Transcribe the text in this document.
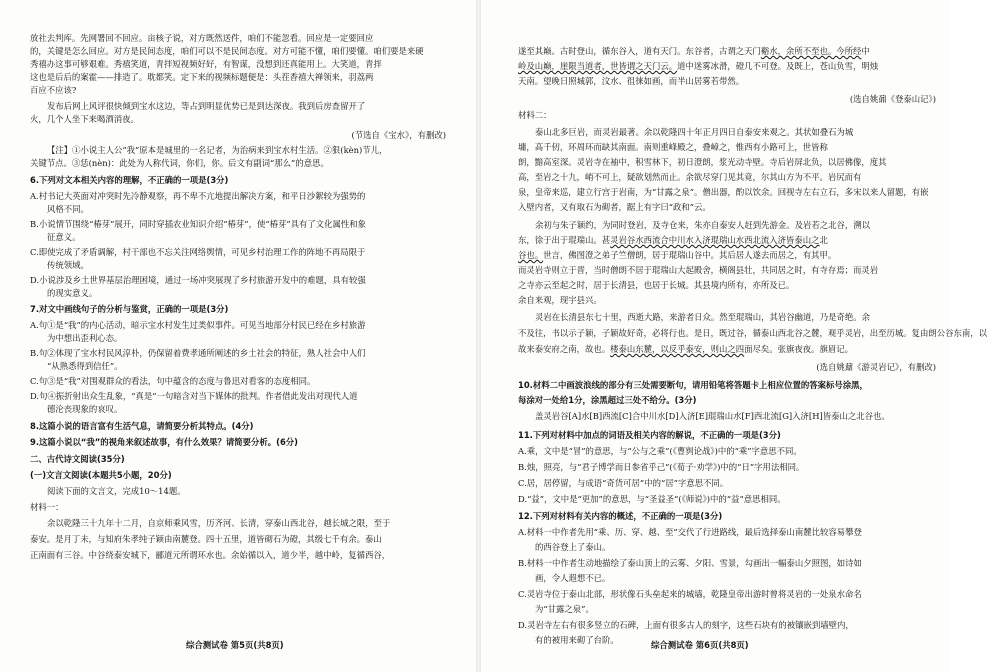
放社去判库。先网署回不回应。亩核子说，对方既然送件，咱们不能忽看。回应是一定要回应
的，关键是怎么回应。对方是民间态度，咱们可以不是民间态度。对方可能不懂，咱们要懂。咱们要是来硬
秀禧办这事可够艰难。秀禧笑道，青拌短视频好好，有智谋，没想到还真能用上。大笑道，青拌
这也是后后的案霍——排造了。耽都笑。定下来的视频标题便是：头茬香禧大禅领来，羽荔两
百应不应该?
发布后网上风评很快倾到宝水这边，等占到明显优势已是到达深夜。我到后房查留开了
火，几个人坐下来喝酒消夜。
(节选自《宝水》，有删改)
【注】①小说主人公“我”原本是城里的一名记者，为治病来到宝水村生活。②狠(kèn)节儿，
关键节点。③恁(nèn)：此处为人称代词，你们，你。后文有副词“那么”的意思。
6.下列对文本相关内容的理解，不正确的一项是(3分)
A.村书记大英面对冲突时先冷静观察，再不卑不亢地提出解决方案，和平日沙絮较为强势的
风格不同。
B.小说情节围绕“椿芽”展开，同时穿插农业知识介绍“椿芽”，使“椿芽”具有了文化属性和象
征意义。
C.即使完成了矛盾调解，村干部也不忘关注网络舆情，可见乡村治理工作的阵地不再局限于
传统领域。
D.小说涉及乡土世界基层治理困境，通过一场冲突展现了乡村旅游开发中的难题，具有较强
的现实意义。
7.对文中画线句子的分析与鉴赏，正确的一项是(3分)
A.句①是“我”的内心活动，暗示宝水村发生过类似事件。可见当地部分村民已经在乡村旅游
为中想出歪利心态。
B.句②体现了宝水村民风淳朴，仍保留着费孝通所阐述的乡土社会的特征，熟人社会中人们
“从熟悉得到信任”。
C.句③是“我”对围观群众的看法，句中蕴含的态度与鲁迅对看客的态度相同。
D.句④振折射出众生乱象，“真是”一句暗含对当下媒体的批判。作者借此发出对现代人道
德沦丧现象的哀叹。
8.这篇小说的语言富有生活气息，请简要分析其特点。(4分)
9.这篇小说以“我”的视角来叙述故事，有什么效果？请简要分析。(6分)
二、古代诗文阅读(35分)
(一)文言文阅读(本题共5小题，20分)
阅读下面的文言文，完成10～14题。
材料一：
余以乾隆三十九年十二月，自京师乘风雪，历齐河、长清，穿泰山西北谷，越长城之限，至于
泰安。是月丁未，与知府朱孝纯子颖由南麓登。四十五里，道皆砌石为磴，其级七千有余。泰山
正南面有三谷。中谷绕泰安城下，郦道元所谓环水也。余始循以入，道少半，越中岭，复循西谷，
综合测试卷 第5页(共8页)
遂至其巅。古时登山，循东谷入，道有天门。东谷者，古谓之天门谿水，余所不至也。今所经中
岭及山巅，崖限当道者，世皆谓之天门云。道中迷雾冰滑，磴几不可登。及既上，苍山负雪，明烛
天南。望晚日照城郭，汶水、徂徕如画，而半山居雾若带然。
(选自姚鼐《登泰山记》)
材料二：
泰山北多巨岩，而灵岩最著。余以乾隆四十年正月四日自泰安来观之。其状如叠石为城
墉，高千仞，环周环而缺其南面。南则重峰殿之，叠嶂之，惟西有小路可上，世皆称
朗，黯高室深。灵岩寺在袖中，积雪林下，初日澄朗，浆光动寺壁。寺后岩屏北负，以居佛像，度其
高，至岩之十九，峭不可上，疑欲划然而止。余欲尽穿门见其竟，尔其山方为不平。岩尻而有
泉，皇帝来巡，建立行宫于岩南，为“甘露之泉”。僧出器，酌以饮余。回视寺左右立石，多宋以来人留题，有嵌
入壁内者，又有取石为砌者，踞上有字曰“政和”云。
余初与朱子颖约，为同时登岩，及寺仓来，朱亦自泰安人赶到先游金。及岩若之北谷，溯以
东，徐于出于琨瑞山。甚灵岩谷水西流合中川水入济琨瑞山水西北流入济皆泰山之北
谷也。世言，佛图澄之弟子竺僧朗，居于琨瑞山谷中。其后居人遂去而居之，有其甲。
而灵岩寺则立于晋，当时僧朗不居于琨瑞山大起殿舍，横阁县壮，共同居之时，有寺存焉；而灵岩
之寺亦云至起之时，居于长清县，也居于长城。其县境内所有，亦所及已。
余自来观，现宇县兴。
灵岩在长清县东七十里，西逝大路，来游者日众。然至琨瑞山，其岩谷幽道，乃是奇绝。余
不及往，书以示子颖，子颖故好奇，必将行也。是日，既过谷，循泰山西北谷之麓，观乎灵岩，出至历城。复由朗公谷东南，以
故来泰安府之南，故也。楼泰山东麓，以反乎泰安，则山之四面尽矣。张旗夜夜。旗眉记。
(选自姚鼐《游灵岩记》，有删改)
10.材料二中画波浪线的部分有三处需要断句，请用铅笔将答题卡上相应位置的答案标号涂黑，
每涂对一处给1分，涂黑超过三处不给分。(3分)
盖灵岩谷[A]水[B]西流[C]合中川水[D]入济[E]琨瑞山水[F]西北流[G]入济[H]皆泰山之北谷也。
11.下列对材料中加点的词语及相关内容的解说，不正确的一项是(3分)
A.乘，文中是“冒”的意思，与“公与之乘”(《曹刿论战》)中的“乘”字意思不同。
B.烛，照亮，与“君子博学而日参省乎己”(《荀子·劝学》)中的“日”字用法相同。
C.居，居停留，与成语“奇货可居”中的“居”字意思不同。
D.“益”，文中是“更加”的意思，与“圣益圣”(《师说》)中的“益”意思相同。
12.下列对材料有关内容的概述，不正确的一项是(3分)
A.材料一中作者先用“乘、历、穿、越、至”交代了行进路线，最后选择泰山南麓比较容易攀登
的西谷登上了泰山。
B.材料一中作者生动地描绘了泰山顶上的云雾、夕阳、雪景，勾画出一幅泰山夕照图，如诗如
画，令人遐想不已。
C.灵岩寺位于泰山北部，形状像石头垒起来的城墙，乾隆皇帝出游时曾将灵岩的一处泉水命名
为“甘露之泉”。
D.灵岩寺左右有很多竖立的石碑，上面有很多古人的刻字，这些石块有的被镶嵌到墙壁内，
有的被用来砌了台阶。	综合测试卷 第6页(共8页)
